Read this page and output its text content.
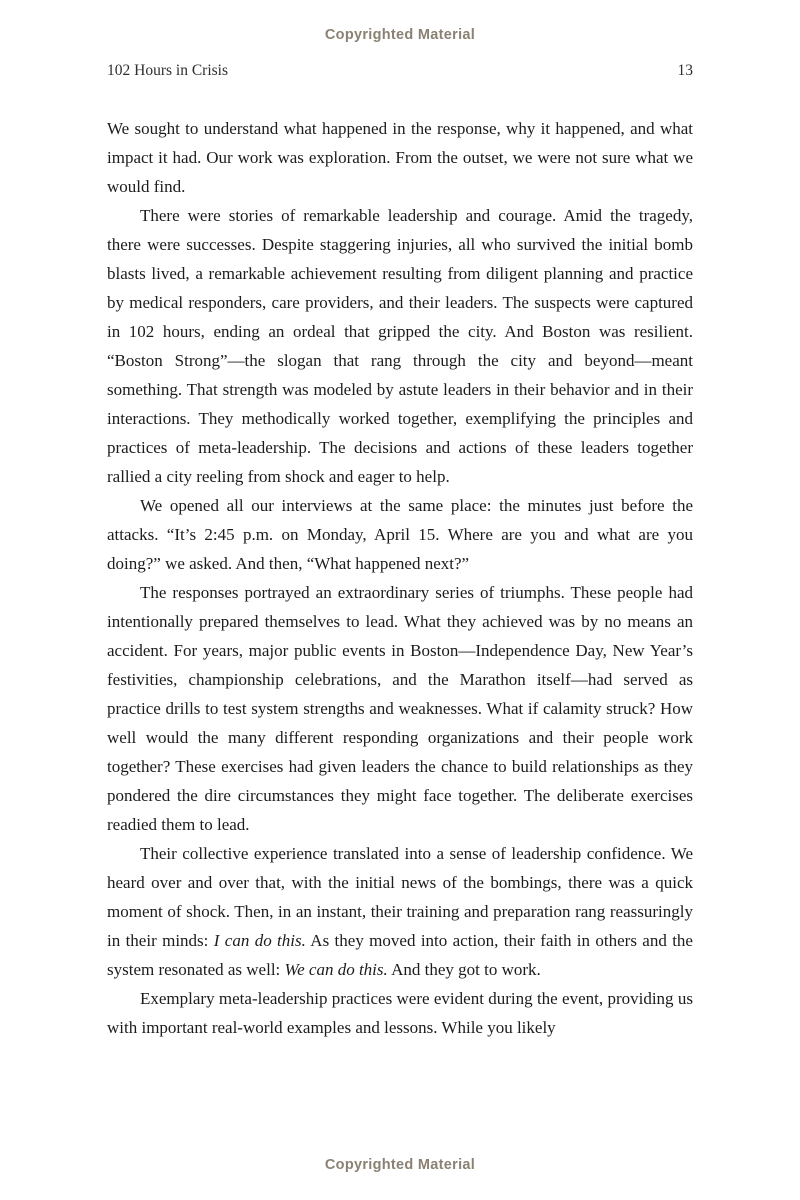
Copyrighted Material
102 Hours in Crisis	13

We sought to understand what happened in the response, why it happened, and what impact it had. Our work was exploration. From the outset, we were not sure what we would find.

There were stories of remarkable leadership and courage. Amid the tragedy, there were successes. Despite staggering injuries, all who survived the initial bomb blasts lived, a remarkable achievement resulting from diligent planning and practice by medical responders, care providers, and their leaders. The suspects were captured in 102 hours, ending an ordeal that gripped the city. And Boston was resilient. “Boston Strong”—the slogan that rang through the city and beyond—meant something. That strength was modeled by astute leaders in their behavior and in their interactions. They methodically worked together, exemplifying the principles and practices of meta-leadership. The decisions and actions of these leaders together rallied a city reeling from shock and eager to help.

We opened all our interviews at the same place: the minutes just before the attacks. “It’s 2:45 p.m. on Monday, April 15. Where are you and what are you doing?” we asked. And then, “What happened next?”

The responses portrayed an extraordinary series of triumphs. These people had intentionally prepared themselves to lead. What they achieved was by no means an accident. For years, major public events in Boston—Independence Day, New Year’s festivities, championship celebrations, and the Marathon itself—had served as practice drills to test system strengths and weaknesses. What if calamity struck? How well would the many different responding organizations and their people work together? These exercises had given leaders the chance to build relationships as they pondered the dire circumstances they might face together. The deliberate exercises readied them to lead.

Their collective experience translated into a sense of leadership confidence. We heard over and over that, with the initial news of the bombings, there was a quick moment of shock. Then, in an instant, their training and preparation rang reassuringly in their minds: I can do this. As they moved into action, their faith in others and the system resonated as well: We can do this. And they got to work.

Exemplary meta-leadership practices were evident during the event, providing us with important real-world examples and lessons. While you likely

Copyrighted Material
